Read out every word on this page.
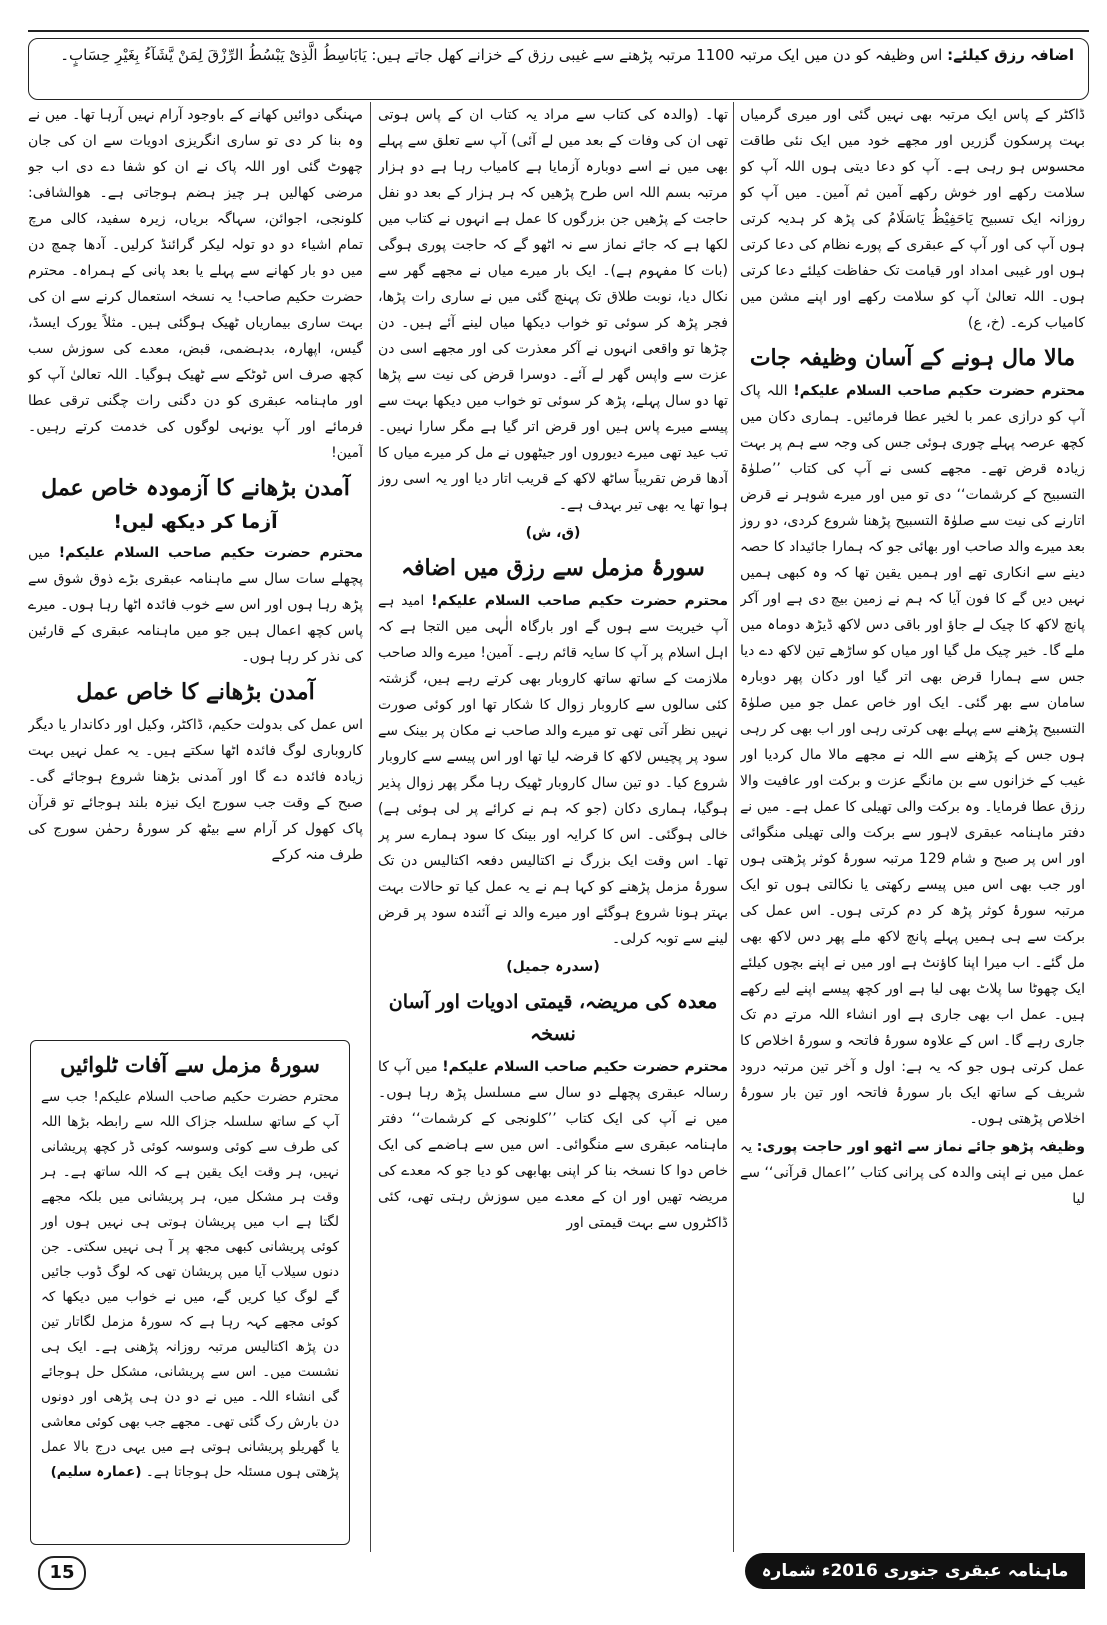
اضافہ رزق کیلئے: اس وظیفہ کو دن میں ایک مرتبہ 1100 مرتبہ پڑھنے سے غیبی رزق کے خزانے کھل جاتے ہیں: یَابَاسِطُ الَّذِیْ یَبْسُطُ الرِّزْقَ لِمَنْ یَّشَآءُ بِغَیْرِ حِسَابٍ۔

ڈاکٹر کے پاس ایک مرتبہ بھی نہیں گئی اور میری گرمیاں بہت پرسکون گزریں اور مجھے خود میں ایک نئی طاقت محسوس ہو رہی ہے۔ آپ کو دعا دیتی ہوں اللہ آپ کو سلامت رکھے اور خوش رکھے آمین ثم آمین۔ میں آپ کو روزانہ ایک تسبیح یَاحَفِیْظُ یَاسَلَامُ کی پڑھ کر ہدیہ کرتی ہوں آپ کی اور آپ کے عبقری کے پورے نظام کی دعا کرتی ہوں اور غیبی امداد اور قیامت تک حفاظت کیلئے دعا کرتی ہوں۔ اللہ تعالیٰ آپ کو سلامت رکھے اور اپنے مشن میں کامیاب کرے۔ (خ، ع)

مالا مال ہونے کے آسان وظیفہ جات

محترم حضرت حکیم صاحب السلام علیکم! اللہ پاک آپ کو درازی عمر با لخیر عطا فرمائیں۔ ہماری دکان میں کچھ عرصہ پہلے چوری ہوئی جس کی وجہ سے ہم پر بہت زیادہ قرض تھے۔ مجھے کسی نے آپ کی کتاب ’’صلوٰۃ التسبیح کے کرشمات‘‘ دی تو میں اور میرے شوہر نے قرض اتارنے کی نیت سے صلوٰۃ التسبیح پڑھنا شروع کردی، دو روز بعد میرے والد صاحب اور بھائی جو کہ ہمارا جائیداد کا حصہ دینے سے انکاری تھے اور ہمیں یقین تھا کہ وہ کبھی ہمیں نہیں دیں گے کا فون آیا کہ ہم نے زمین بیچ دی ہے اور آکر پانچ لاکھ کا چیک لے جاؤ اور باقی دس لاکھ ڈیڑھ دوماہ میں ملے گا۔ خیر چیک مل گیا اور میاں کو ساڑھے تین لاکھ دے دیا جس سے ہمارا قرض بھی اتر گیا اور دکان پھر دوبارہ سامان سے بھر گئی۔ ایک اور خاص عمل جو میں صلوٰۃ التسبیح پڑھنے سے پہلے بھی کرتی رہی اور اب بھی کر رہی ہوں جس کے پڑھنے سے اللہ نے مجھے مالا مال کردیا اور غیب کے خزانوں سے بن مانگے عزت و برکت اور عافیت والا رزق عطا فرمایا۔ وہ برکت والی تھیلی کا عمل ہے۔ میں نے دفتر ماہنامہ عبقری لاہور سے برکت والی تھیلی منگوائی اور اس پر صبح و شام 129 مرتبہ سورۂ کوثر پڑھتی ہوں اور جب بھی اس میں پیسے رکھتی یا نکالتی ہوں تو ایک مرتبہ سورۂ کوثر پڑھ کر دم کرتی ہوں۔ اس عمل کی برکت سے ہی ہمیں پہلے پانچ لاکھ ملے پھر دس لاکھ بھی مل گئے۔ اب میرا اپنا کاؤنٹ ہے اور میں نے اپنے بچوں کیلئے ایک چھوٹا سا پلاٹ بھی لیا ہے اور کچھ پیسے اپنے لیے رکھے ہیں۔ عمل اب بھی جاری ہے اور انشاء اللہ مرتے دم تک جاری رہے گا۔ اس کے علاوہ سورۂ فاتحہ و سورۂ اخلاص کا عمل کرتی ہوں جو کہ یہ ہے: اول و آخر تین مرتبہ درود شریف کے ساتھ ایک بار سورۂ فاتحہ اور تین بار سورۂ اخلاص پڑھتی ہوں۔

وظیفہ پڑھو جائے نماز سے اٹھو اور حاجت پوری: یہ عمل میں نے اپنی والدہ کی پرانی کتاب ’’اعمال قرآنی‘‘ سے لیا

تھا۔ (والدہ کی کتاب سے مراد یہ کتاب ان کے پاس ہوتی تھی ان کی وفات کے بعد میں لے آئی) آپ سے تعلق سے پہلے بھی میں نے اسے دوبارہ آزمایا ہے کامیاب رہا ہے دو ہزار مرتبہ بسم اللہ اس طرح پڑھیں کہ ہر ہزار کے بعد دو نفل حاجت کے پڑھیں جن بزرگوں کا عمل ہے انہوں نے کتاب میں لکھا ہے کہ جائے نماز سے نہ اٹھو گے کہ حاجت پوری ہوگی (بات کا مفہوم ہے)۔ ایک بار میرے میاں نے مجھے گھر سے نکال دیا، نوبت طلاق تک پہنچ گئی میں نے ساری رات پڑھا، فجر پڑھ کر سوئی تو خواب دیکھا میاں لینے آئے ہیں۔ دن چڑھا تو واقعی انہوں نے آکر معذرت کی اور مجھے اسی دن عزت سے واپس گھر لے آئے۔ دوسرا قرض کی نیت سے پڑھا تھا دو سال پہلے، پڑھ کر سوئی تو خواب میں دیکھا بہت سے پیسے میرے پاس ہیں اور قرض اتر گیا ہے مگر سارا نہیں۔ تب عید تھی میرے دیوروں اور جیٹھوں نے مل کر میرے میاں کا آدھا قرض تقریباً ساٹھ لاکھ کے قریب اتار دیا اور یہ اسی روز ہوا تھا یہ بھی تیر بہدف ہے۔

(ق، ش)
سورۂ مزمل سے رزق میں اضافہ

محترم حضرت حکیم صاحب السلام علیکم! امید ہے آپ خیریت سے ہوں گے اور بارگاہ الٰہی میں التجا ہے کہ اہل اسلام پر آپ کا سایہ قائم رہے۔ آمین! میرے والد صاحب ملازمت کے ساتھ ساتھ کاروبار بھی کرتے رہے ہیں، گزشتہ کئی سالوں سے کاروبار زوال کا شکار تھا اور کوئی صورت نہیں نظر آتی تھی تو میرے والد صاحب نے مکان پر بینک سے سود پر پچیس لاکھ کا قرضہ لیا تھا اور اس پیسے سے کاروبار شروع کیا۔ دو تین سال کاروبار ٹھیک رہا مگر پھر زوال پذیر ہوگیا، ہماری دکان (جو کہ ہم نے کرائے پر لی ہوئی ہے) خالی ہوگئی۔ اس کا کرایہ اور بینک کا سود ہمارے سر پر تھا۔ اس وقت ایک بزرگ نے اکتالیس دفعہ اکتالیس دن تک سورۂ مزمل پڑھنے کو کہا ہم نے یہ عمل کیا تو حالات بہت بہتر ہونا شروع ہوگئے اور میرے والد نے آئندہ سود پر قرض لینے سے توبہ کرلی۔

(سدرہ جمیل)
معدہ کی مریضہ، قیمتی ادویات اور آسان نسخہ

محترم حضرت حکیم صاحب السلام علیکم! میں آپ کا رسالہ عبقری پچھلے دو سال سے مسلسل پڑھ رہا ہوں۔ میں نے آپ کی ایک کتاب ’’کلونجی کے کرشمات‘‘ دفتر ماہنامہ عبقری سے منگوائی۔ اس میں سے ہاضمے کی ایک خاص دوا کا نسخہ بنا کر اپنی بھابھی کو دیا جو کہ معدے کی مریضہ تھیں اور ان کے معدے میں سوزش رہتی تھی، کئی ڈاکٹروں سے بہت قیمتی اور

مہنگی دوائیں کھانے کے باوجود آرام نہیں آرہا تھا۔ میں نے وہ بنا کر دی تو ساری انگریزی ادویات سے ان کی جان چھوٹ گئی اور اللہ پاک نے ان کو شفا دے دی اب جو مرضی کھالیں ہر چیز ہضم ہوجاتی ہے۔ ھوالشافی: کلونجی، اجوائن، سہاگہ بریاں، زیرہ سفید، کالی مرچ تمام اشیاء دو دو تولہ لیکر گرائنڈ کرلیں۔ آدھا چمچ دن میں دو بار کھانے سے پہلے یا بعد پانی کے ہمراہ۔ محترم حضرت حکیم صاحب! یہ نسخہ استعمال کرنے سے ان کی بہت ساری بیماریاں ٹھیک ہوگئی ہیں۔ مثلاً یورک ایسڈ، گیس، اپھارہ، بدہضمی، قبض، معدے کی سوزش سب کچھ صرف اس ٹوٹکے سے ٹھیک ہوگیا۔ اللہ تعالیٰ آپ کو اور ماہنامہ عبقری کو دن دگنی رات چگنی ترقی عطا فرمائے اور آپ یونہی لوگوں کی خدمت کرتے رہیں۔ آمین!

آمدن بڑھانے کا آزمودہ خاص عمل
آزما کر دیکھ لیں!

محترم حضرت حکیم صاحب السلام علیکم! میں پچھلے سات سال سے ماہنامہ عبقری بڑے ذوق شوق سے پڑھ رہا ہوں اور اس سے خوب فائدہ اٹھا رہا ہوں۔ میرے پاس کچھ اعمال ہیں جو میں ماہنامہ عبقری کے قارئین کی نذر کر رہا ہوں۔

آمدن بڑھانے کا خاص عمل

اس عمل کی بدولت حکیم، ڈاکٹر، وکیل اور دکاندار یا دیگر کاروباری لوگ فائدہ اٹھا سکتے ہیں۔ یہ عمل نہیں بہت زیادہ فائدہ دے گا اور آمدنی بڑھنا شروع ہوجائے گی۔ صبح کے وقت جب سورج ایک نیزہ بلند ہوجائے تو قرآن پاک کھول کر آرام سے بیٹھ کر سورۂ رحمٰن سورج کی طرف منہ کرکے

سورۂ مزمل سے آفات ٹلوائیں

محترم حضرت حکیم صاحب السلام علیکم! جب سے آپ کے ساتھ سلسلہ جزاک اللہ سے رابطہ بڑھا اللہ کی طرف سے کوئی وسوسہ کوئی ڈر کچھ پریشانی نہیں، ہر وقت ایک یقین ہے کہ اللہ ساتھ ہے۔ ہر وقت ہر مشکل میں، ہر پریشانی میں بلکہ مجھے لگتا ہے اب میں پریشان ہوتی ہی نہیں ہوں اور کوئی پریشانی کبھی مجھ پر آ ہی نہیں سکتی۔ جن دنوں سیلاب آیا میں پریشان تھی کہ لوگ ڈوب جائیں گے لوگ کیا کریں گے، میں نے خواب میں دیکھا کہ کوئی مجھے کہہ رہا ہے کہ سورۂ مزمل لگاتار تین دن پڑھ اکتالیس مرتبہ روزانہ پڑھنی ہے۔ ایک ہی نشست میں۔ اس سے پریشانی، مشکل حل ہوجائے گی انشاء اللہ۔ میں نے دو دن ہی پڑھی اور دونوں دن بارش رک گئی تھی۔ مجھے جب بھی کوئی معاشی یا گھریلو پریشانی ہوتی ہے میں یہی درج بالا عمل پڑھتی ہوں مسئلہ حل ہوجاتا ہے۔ (عمارہ سلیم)

15	ماہنامہ عبقری جنوری 2016ء شمارہ نمبر 115
